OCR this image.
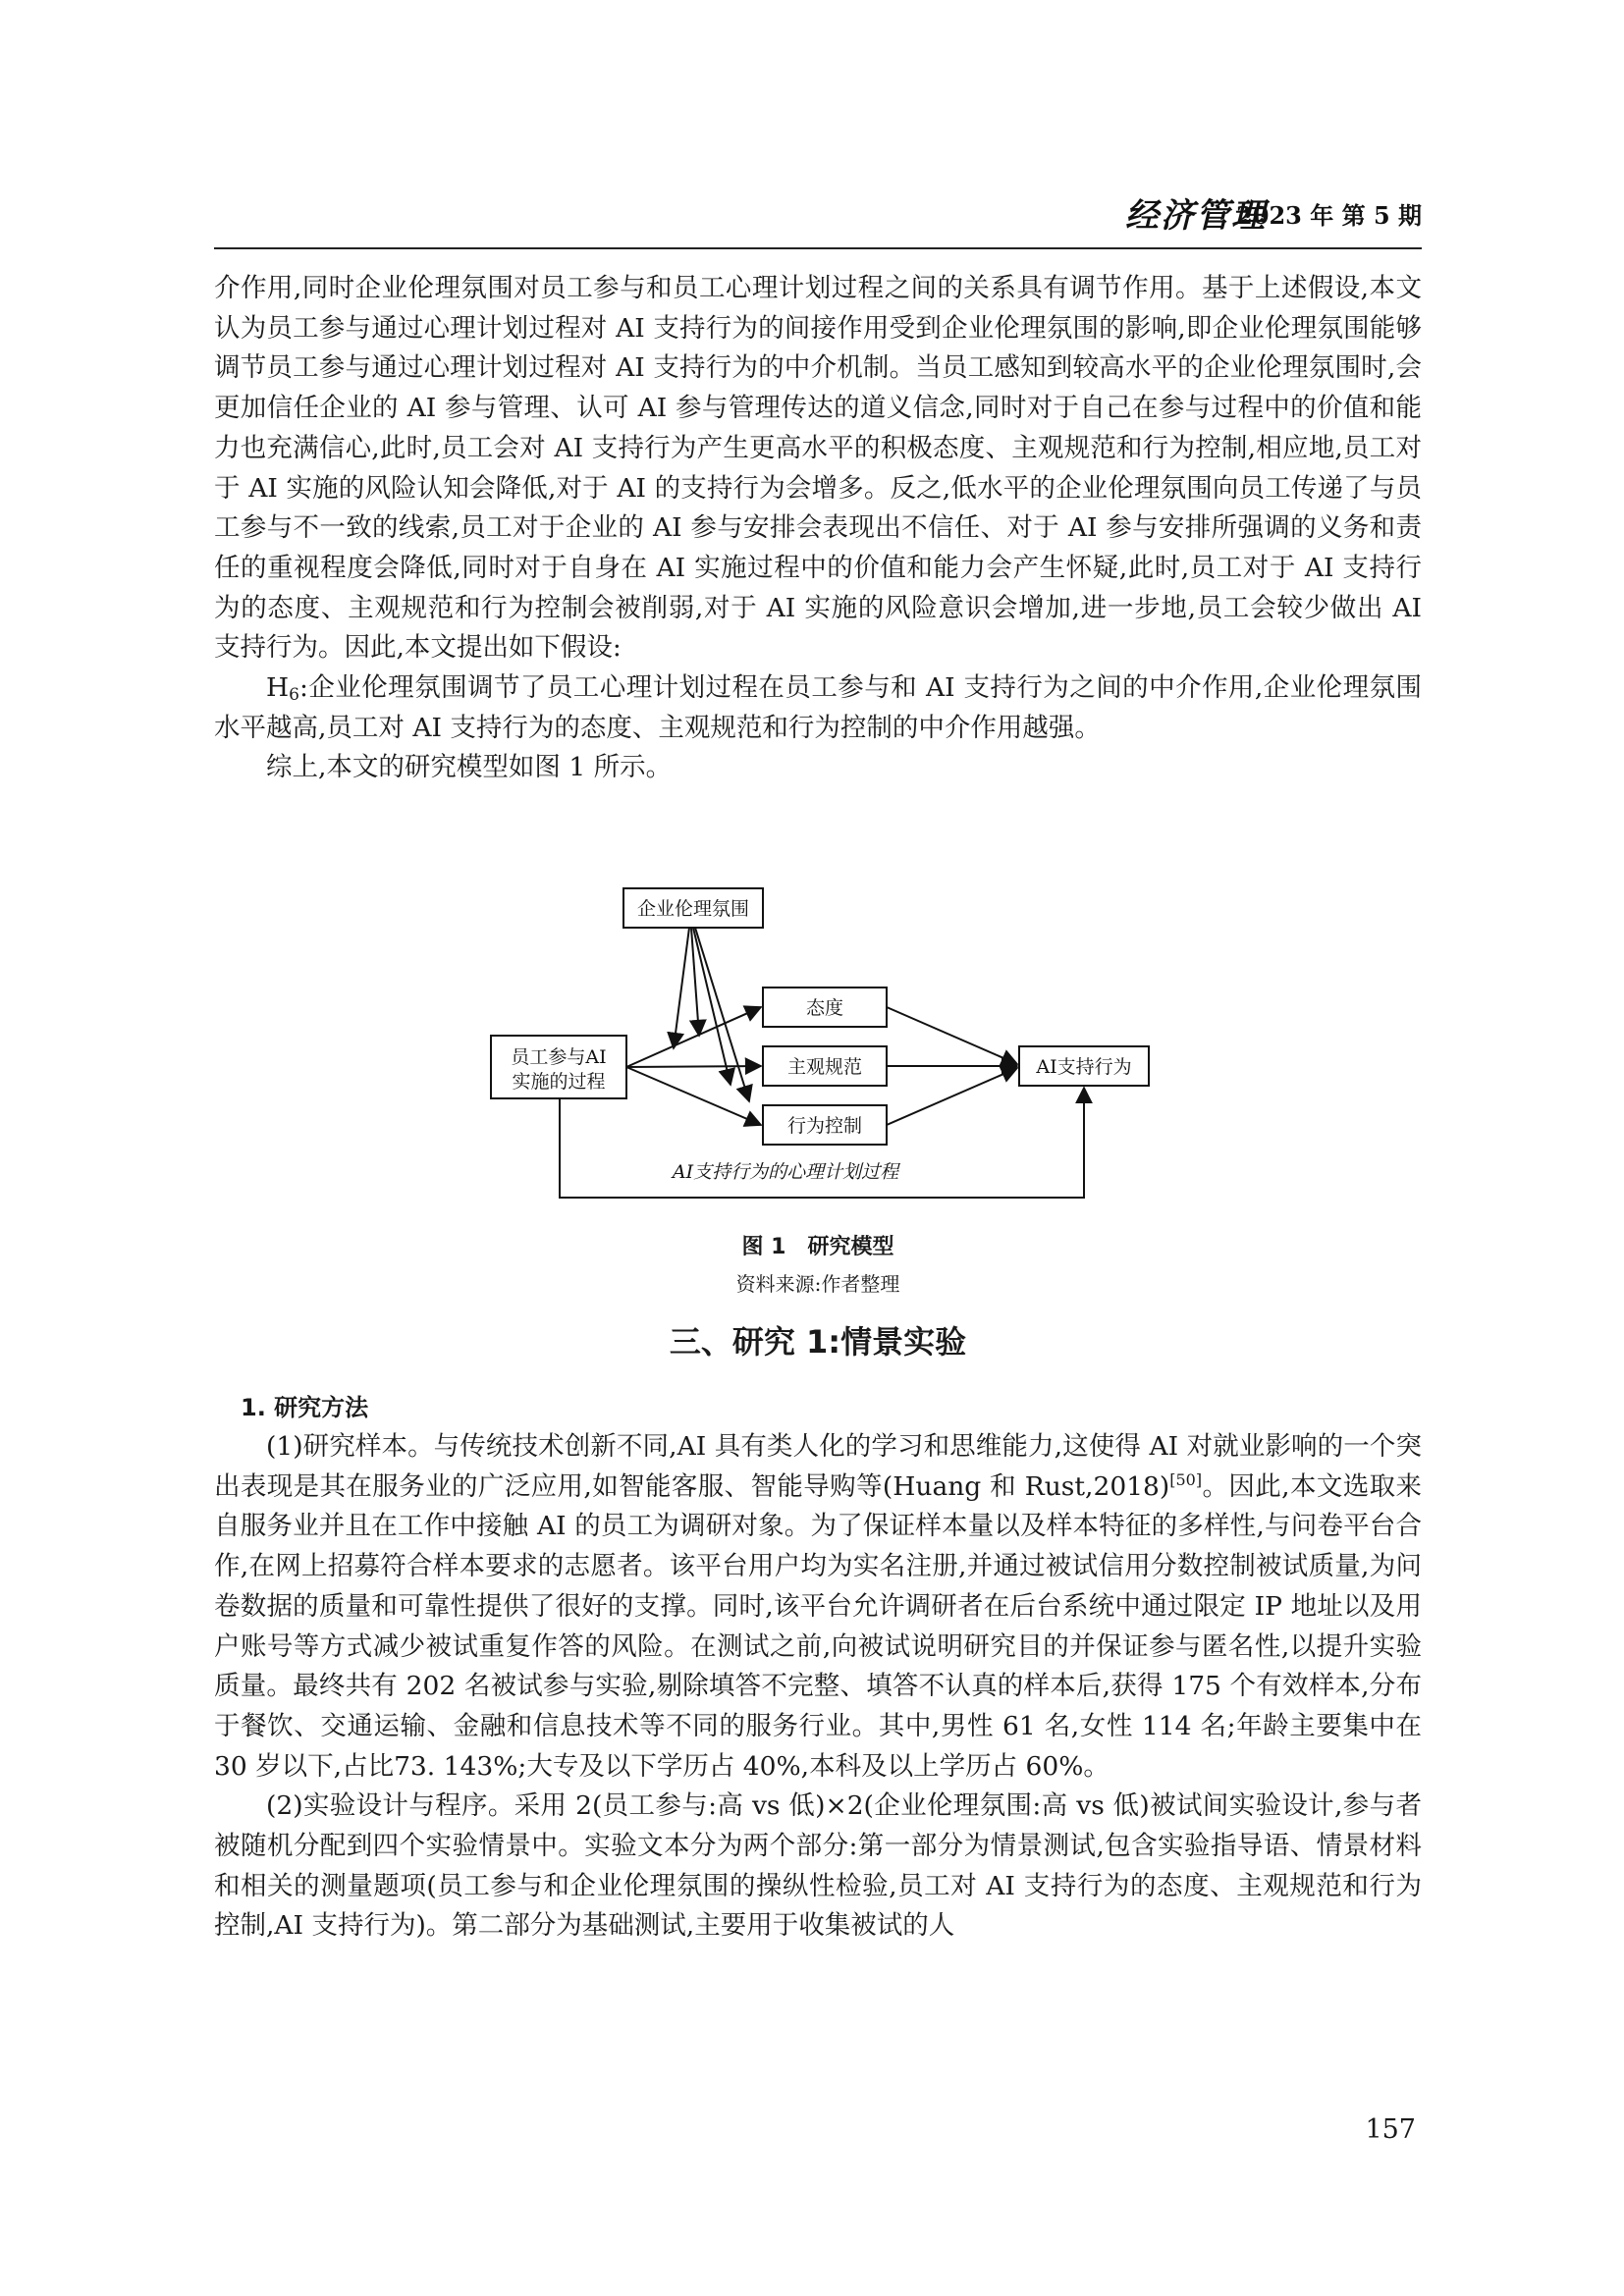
经济管理
2023 年 第 5 期

介作用,同时企业伦理氛围对员工参与和员工心理计划过程之间的关系具有调节作用。基于上述假设,本文认为员工参与通过心理计划过程对 AI 支持行为的间接作用受到企业伦理氛围的影响,即企业伦理氛围能够调节员工参与通过心理计划过程对 AI 支持行为的中介机制。当员工感知到较高水平的企业伦理氛围时,会更加信任企业的 AI 参与管理、认可 AI 参与管理传达的道义信念,同时对于自己在参与过程中的价值和能力也充满信心,此时,员工会对 AI 支持行为产生更高水平的积极态度、主观规范和行为控制,相应地,员工对于 AI 实施的风险认知会降低,对于 AI 的支持行为会增多。反之,低水平的企业伦理氛围向员工传递了与员工参与不一致的线索,员工对于企业的 AI 参与安排会表现出不信任、对于 AI 参与安排所强调的义务和责任的重视程度会降低,同时对于自身在 AI 实施过程中的价值和能力会产生怀疑,此时,员工对于 AI 支持行为的态度、主观规范和行为控制会被削弱,对于 AI 实施的风险意识会增加,进一步地,员工会较少做出 AI 支持行为。因此,本文提出如下假设:

$H_6$:企业伦理氛围调节了员工心理计划过程在员工参与和 AI 支持行为之间的中介作用,企业伦理氛围水平越高,员工对 AI 支持行为的态度、主观规范和行为控制的中介作用越强。

综上,本文的研究模型如图 1 所示。

企业伦理氛围
员工参与AI
实施的过程
态度
主观规范
行为控制
AI支持行为
AI支持行为的心理计划过程
图 1　研究模型
资料来源:作者整理
三、研究 1:情景实验
1. 研究方法

(1)研究样本。与传统技术创新不同,AI 具有类人化的学习和思维能力,这使得 AI 对就业影响的一个突出表现是其在服务业的广泛应用,如智能客服、智能导购等(Huang 和 Rust,2018)[50]。因此,本文选取来自服务业并且在工作中接触 AI 的员工为调研对象。为了保证样本量以及样本特征的多样性,与问卷平台合作,在网上招募符合样本要求的志愿者。该平台用户均为实名注册,并通过被试信用分数控制被试质量,为问卷数据的质量和可靠性提供了很好的支撑。同时,该平台允许调研者在后台系统中通过限定 IP 地址以及用户账号等方式减少被试重复作答的风险。在测试之前,向被试说明研究目的并保证参与匿名性,以提升实验质量。最终共有 202 名被试参与实验,剔除填答不完整、填答不认真的样本后,获得 175 个有效样本,分布于餐饮、交通运输、金融和信息技术等不同的服务行业。其中,男性 61 名,女性 114 名;年龄主要集中在 30 岁以下,占比73. 143%;大专及以下学历占 40%,本科及以上学历占 60%。

(2)实验设计与程序。采用 2(员工参与:高 vs 低)×2(企业伦理氛围:高 vs 低)被试间实验设计,参与者被随机分配到四个实验情景中。实验文本分为两个部分:第一部分为情景测试,包含实验指导语、情景材料和相关的测量题项(员工参与和企业伦理氛围的操纵性检验,员工对 AI 支持行为的态度、主观规范和行为控制,AI 支持行为)。第二部分为基础测试,主要用于收集被试的人

157
